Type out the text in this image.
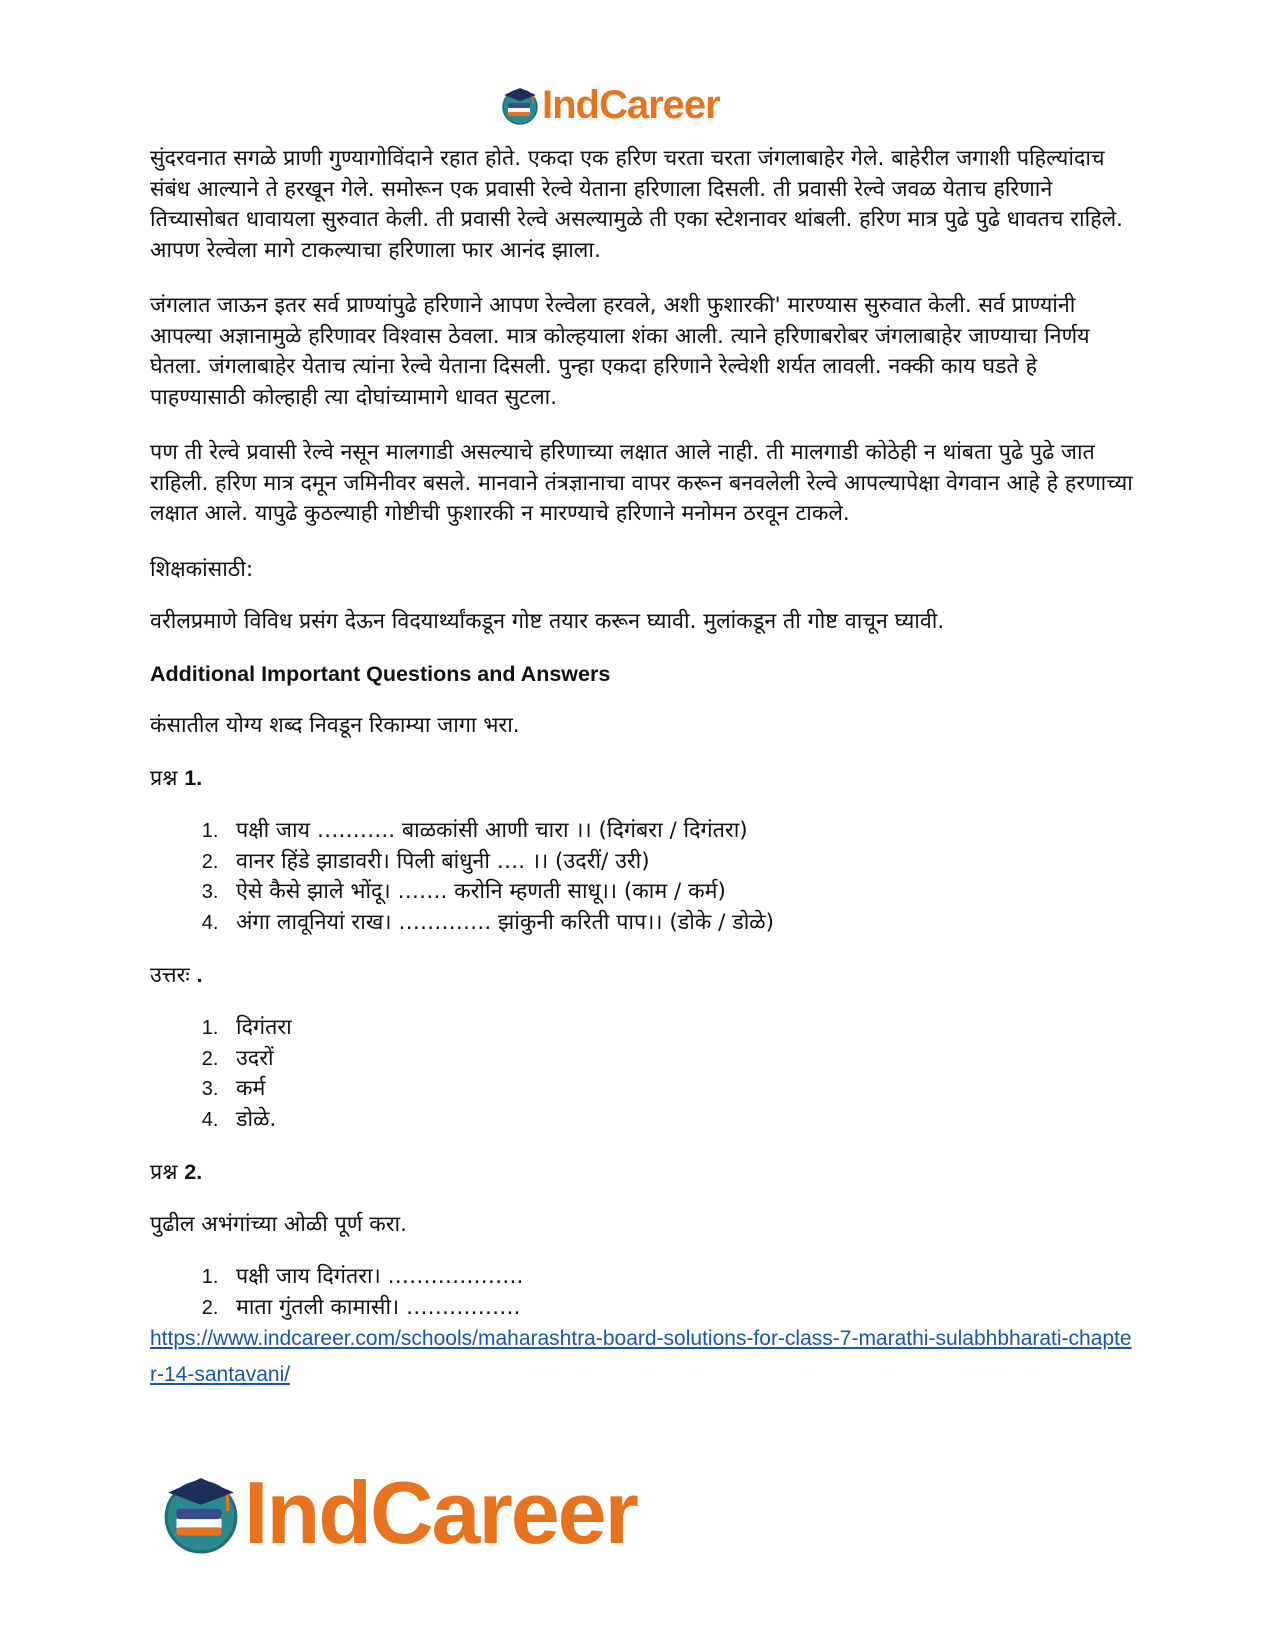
IndCareer

सुंदरवनात सगळे प्राणी गुण्यागोविंदाने रहात होते. एकदा एक हरिण चरता चरता जंगलाबाहेर गेले. बाहेरील जगाशी पहिल्यांदाच संबंध आल्याने ते हरखून गेले. समोरून एक प्रवासी रेल्वे येताना हरिणाला दिसली. ती प्रवासी रेल्वे जवळ येताच हरिणाने तिच्यासोबत धावायला सुरुवात केली. ती प्रवासी रेल्वे असल्यामुळे ती एका स्टेशनावर थांबली. हरिण मात्र पुढे पुढे धावतच राहिले. आपण रेल्वेला मागे टाकल्याचा हरिणाला फार आनंद झाला.

जंगलात जाऊन इतर सर्व प्राण्यांपुढे हरिणाने आपण रेल्वेला हरवले, अशी फुशारकी' मारण्यास सुरुवात केली. सर्व प्राण्यांनी आपल्या अज्ञानामुळे हरिणावर विश्वास ठेवला. मात्र कोल्हयाला शंका आली. त्याने हरिणाबरोबर जंगलाबाहेर जाण्याचा निर्णय घेतला. जंगलाबाहेर येताच त्यांना रेल्वे येताना दिसली. पुन्हा एकदा हरिणाने रेल्वेशी शर्यत लावली. नक्की काय घडते हे पाहण्यासाठी कोल्हाही त्या दोघांच्यामागे धावत सुटला.

पण ती रेल्वे प्रवासी रेल्वे नसून मालगाडी असल्याचे हरिणाच्या लक्षात आले नाही. ती मालगाडी कोठेही न थांबता पुढे पुढे जात राहिली. हरिण मात्र दमून जमिनीवर बसले. मानवाने तंत्रज्ञानाचा वापर करून बनवलेली रेल्वे आपल्यापेक्षा वेगवान आहे हे हरणाच्या लक्षात आले. यापुढे कुठल्याही गोष्टीची फुशारकी न मारण्याचे हरिणाने मनोमन ठरवून टाकले.

शिक्षकांसाठी:

वरीलप्रमाणे विविध प्रसंग देऊन विदयार्थ्यांकडून गोष्ट तयार करून घ्यावी. मुलांकडून ती गोष्ट वाचून घ्यावी.

Additional Important Questions and Answers

कंसातील योग्य शब्द निवडून रिकाम्या जागा भरा.

प्रश्न 1.

1. पक्षी जाय ……….. बाळकांसी आणी चारा ।। (दिगंबरा / दिगंतरा)
2. वानर हिंडे झाडावरी। पिली बांधुनी …. ।। (उदरीं/ उरी)
3. ऐसे कैसे झाले भोंदू। ……. करोनि म्हणती साधू।। (काम / कर्म)
4. अंगा लावूनियां राख। …………. झांकुनी करिती पाप।। (डोके / डोळे)

उत्तरः .

1. दिगंतरा
2. उदरों
3. कर्म
4. डोळे.

प्रश्न 2.

पुढील अभंगांच्या ओळी पूर्ण करा.

1. पक्षी जाय दिगंतरा। ……………….
2. माता गुंतली कामासी। …………….
https://www.indcareer.com/schools/maharashtra-board-solutions-for-class-7-marathi-sulabhbharati-chapter-14-santavani/
IndCareer
